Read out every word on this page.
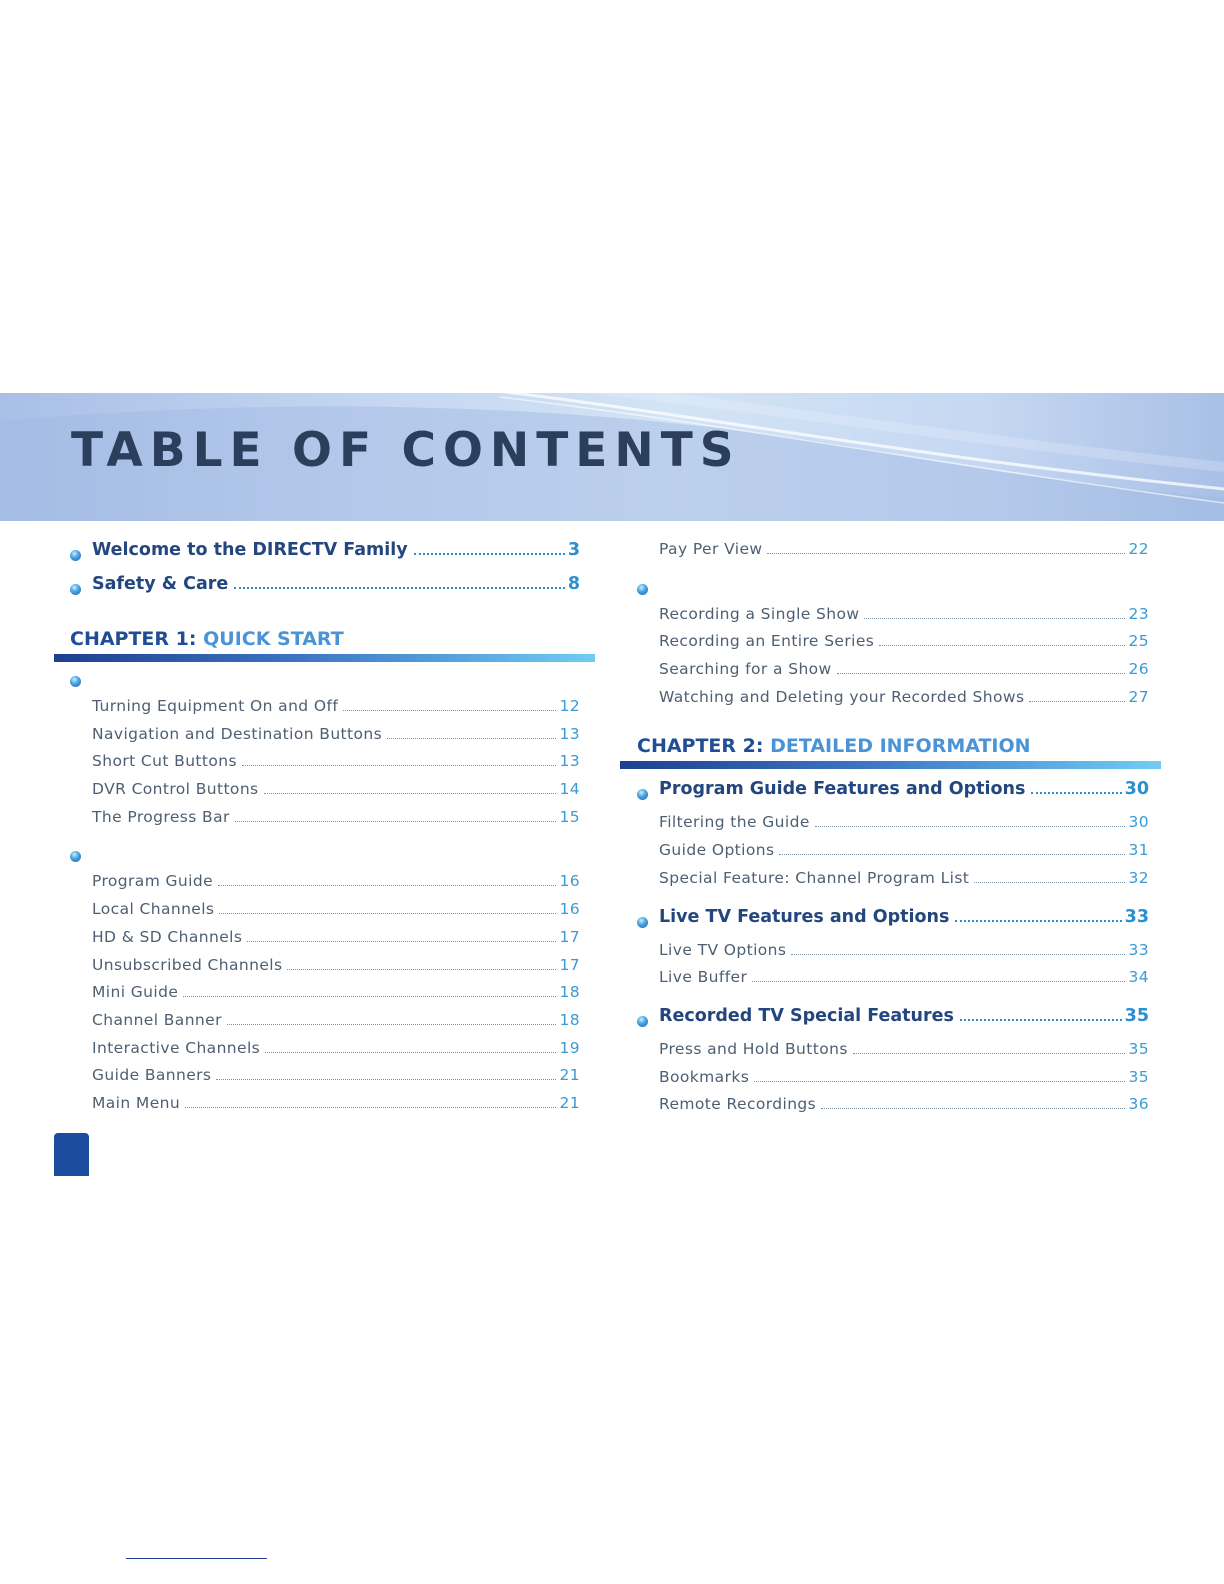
TABLE OF CONTENTS
Welcome to the DIRECTV Family	3
Safety & Care	8
CHAPTER 1: QUICK START
Turning Equipment On and Off	12
Navigation and Destination Buttons	13
Short Cut Buttons	13
DVR Control Buttons	14
The Progress Bar	15
Program Guide	16
Local Channels	16
HD & SD Channels	17
Unsubscribed Channels	17
Mini Guide	18
Channel Banner	18
Interactive Channels	19
Guide Banners	21
Main Menu	21
Pay Per View	22
Recording a Single Show	23
Recording an Entire Series	25
Searching for a Show	26
Watching and Deleting your Recorded Shows	27
CHAPTER 2: DETAILED INFORMATION
Program Guide Features and Options	30
Filtering the Guide	30
Guide Options	31
Special Feature: Channel Program List	32
Live TV Features and Options	33
Live TV Options	33
Live Buffer	34
Recorded TV Special Features	35
Press and Hold Buttons	35
Bookmarks	35
Remote Recordings	36
